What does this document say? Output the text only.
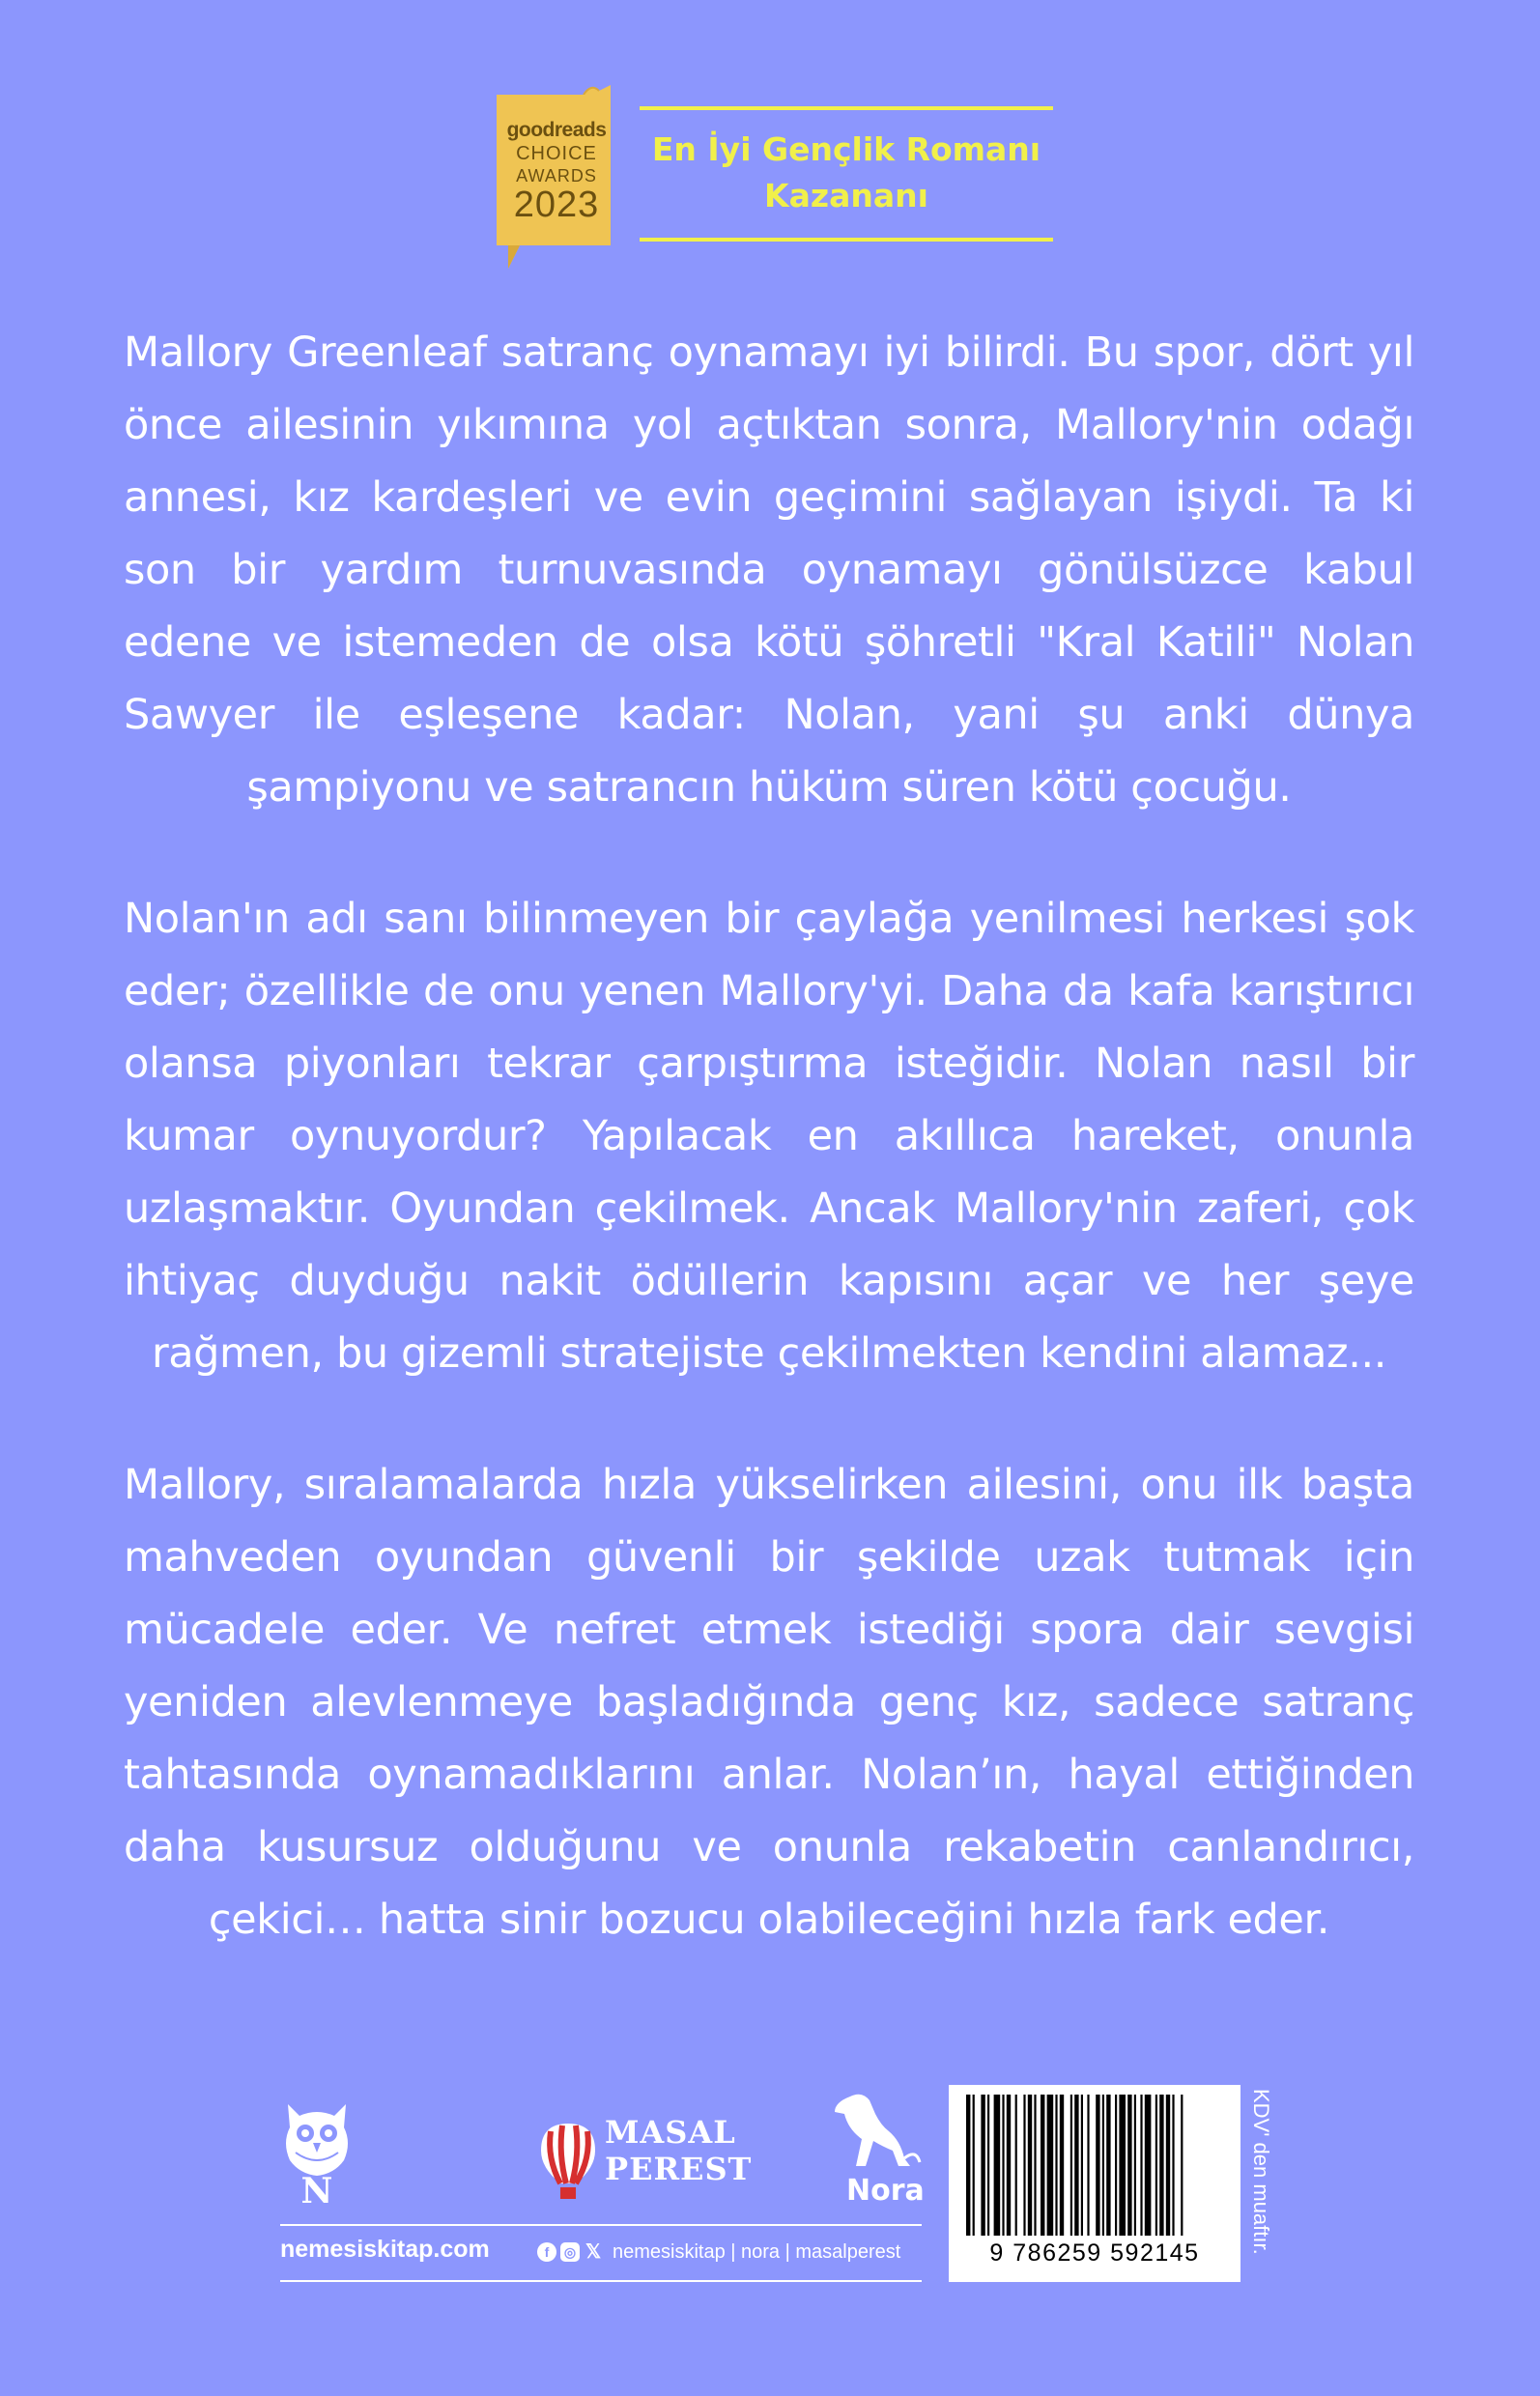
goodreads
CHOICE
AWARDS
2023
En İyi Gençlik Romanı
Kazananı

Mallory Greenleaf satranç oynamayı iyi bilirdi. Bu spor, dört yıl önce ailesinin yıkımına yol açtıktan sonra, Mallory'nin odağı annesi, kız kardeşleri ve evin geçimini sağlayan işiydi. Ta ki son bir yardım turnuvasında oynamayı gönülsüzce kabul edene ve istemeden de olsa kötü şöhretli "Kral Katili" Nolan Sawyer ile eşleşene kadar: Nolan, yani şu anki dünya şampiyonu ve satrancın hüküm süren kötü çocuğu.

Nolan'ın adı sanı bilinmeyen bir çaylağa yenilmesi herkesi şok eder; özellikle de onu yenen Mallory'yi. Daha da kafa karıştırıcı olansa piyonları tekrar çarpıştırma isteğidir. Nolan nasıl bir kumar oynuyordur? Yapılacak en akıllıca hareket, onunla uzlaşmaktır. Oyundan çekilmek. Ancak Mallory'nin zaferi, çok ihtiyaç duyduğu nakit ödüllerin kapısını açar ve her şeye rağmen, bu gizemli stratejiste çekilmekten kendini alamaz...

Mallory, sıralamalarda hızla yükselirken ailesini, onu ilk başta mahveden oyundan güvenli bir şekilde uzak tutmak için mücadele eder. Ve nefret etmek istediği spora dair sevgisi yeniden alevlenmeye başladığında genç kız, sadece satranç tahtasında oynamadıklarını anlar. Nolan’ın, hayal ettiğinden daha kusursuz olduğunu ve onunla rekabetin canlandırıcı, çekici… hatta sinir bozucu olabileceğini hızla fark eder.

N
MASAL
PEREST
Nora
nemesiskitap.com	f	◎ 𝕏 nemesiskitap | nora | masalperest	9 786259 592145	KDV' den muaftır.
